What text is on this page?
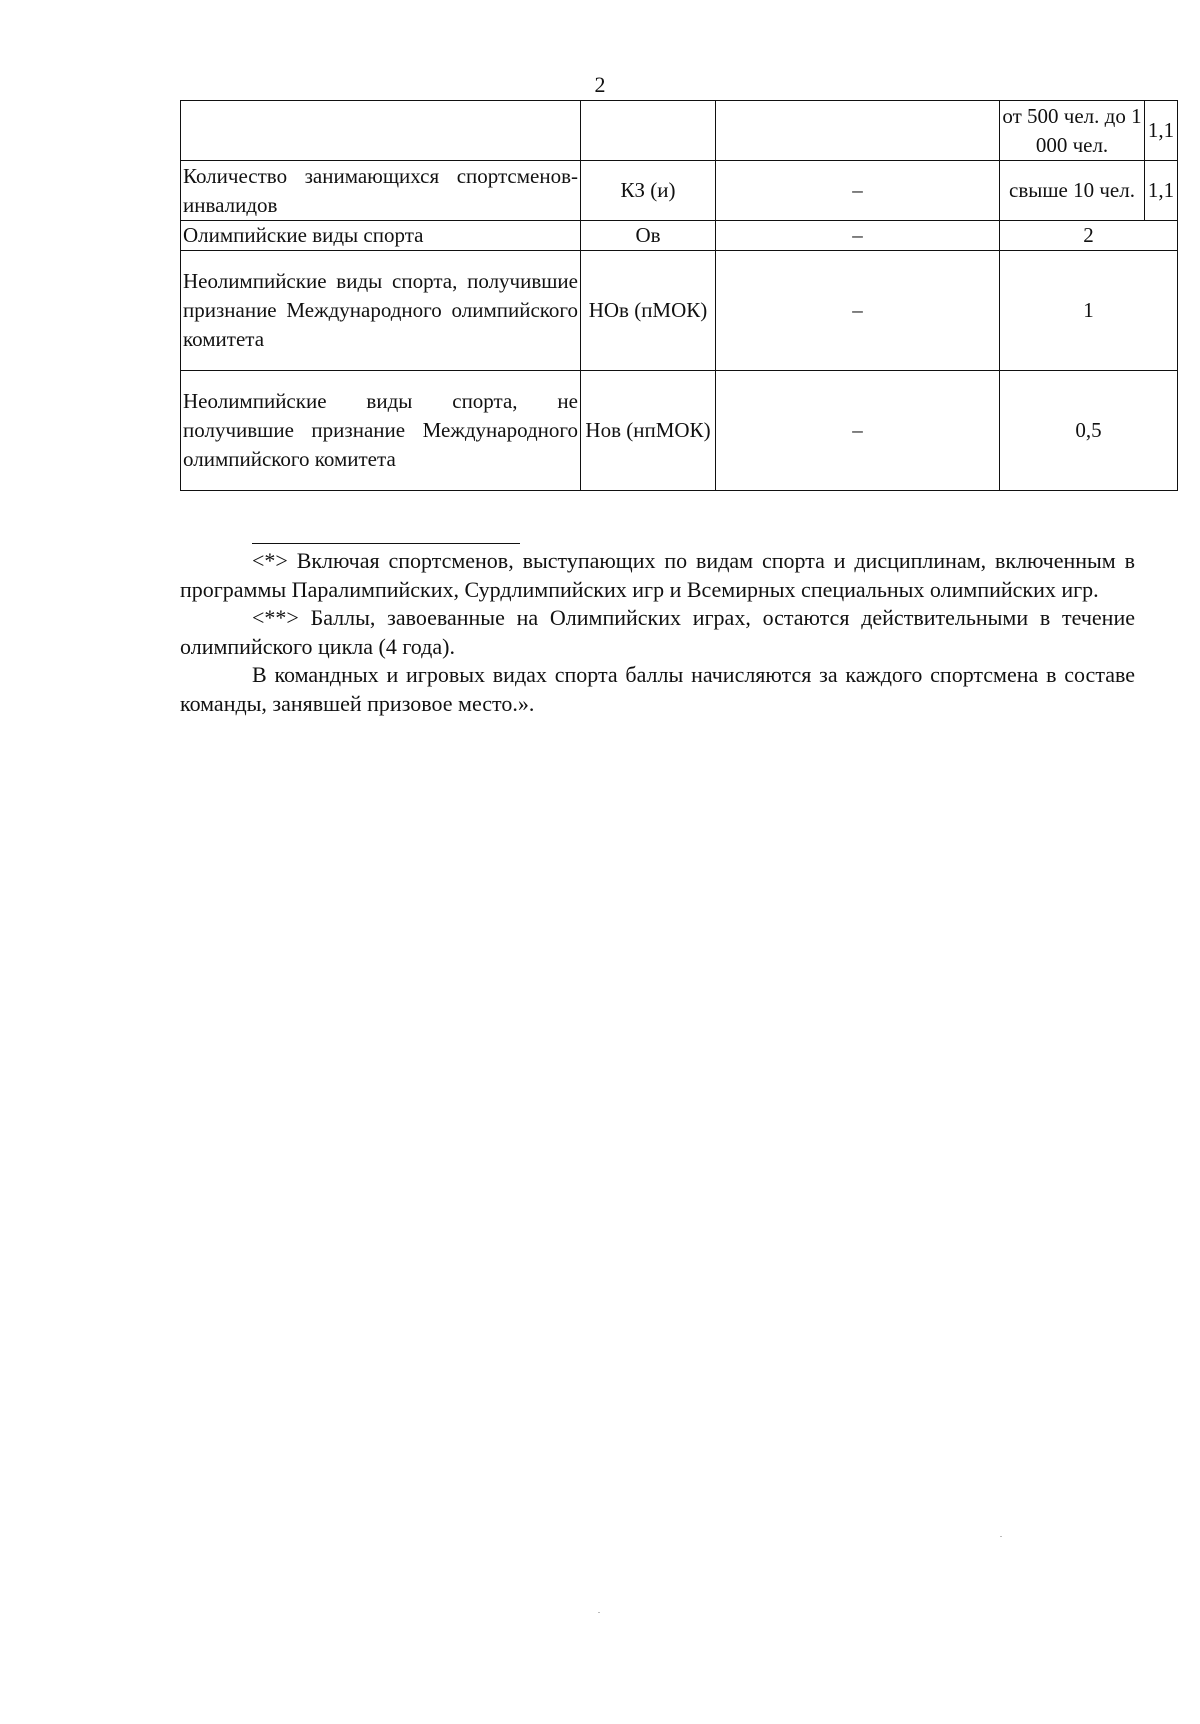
2
			от 500 чел. до 1 000 чел.	1,1
Количество занимающихся спортсменов-инвалидов	КЗ (и)	–	свыше 10 чел.	1,1
Олимпийские виды спорта	Ов	–	2	
Неолимпийские виды спорта, получившие признание Международного олимпийского комитета	НОв (пМОК)	–	1	
Неолимпийские виды спорта, не получившие признание Международного олимпийского комитета	Нов (нпМОК)	–	0,5	

<*> Включая спортсменов, выступающих по видам спорта и дисциплинам, включенным в программы Паралимпийских, Сурдлимпийских игр и Всемирных специальных олимпийских игр.

<**> Баллы, завоеванные на Олимпийских играх, остаются действительными в течение олимпийского цикла (4 года).

В командных и игровых видах спорта баллы начисляются за каждого спортсмена в составе команды, занявшей призовое место.».
